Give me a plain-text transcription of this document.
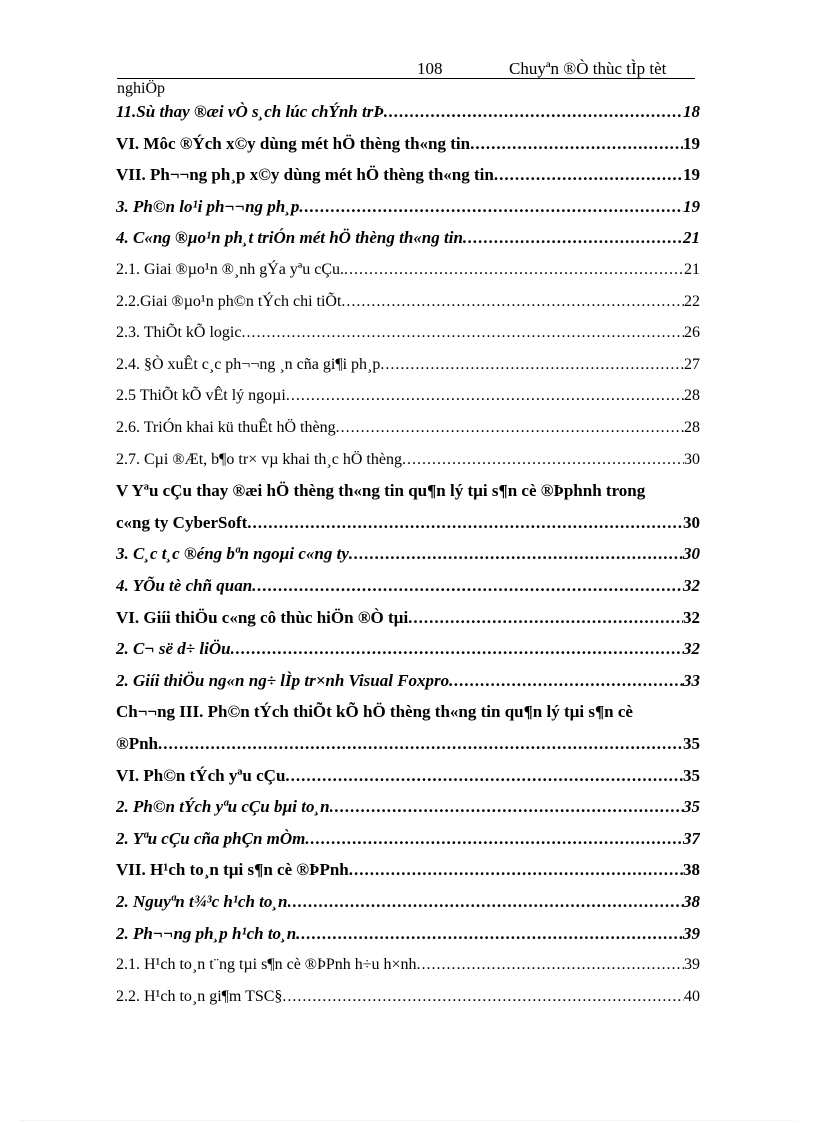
108	Chuyªn ®Ò thùc tÌp tèt
nghiÖp
11.Sù thay ®æi vÒ s¸ch lúc chÝnh trÞ .....	18
VI. Môc ®Ých x©y dùng mét hÖ thèng th«ng tin .....	19
VII. Ph¬¬ng ph¸p x©y dùng mét hÖ thèng th«ng tin .....	19
3. Ph©n lo¹i ph¬¬ng ph¸p .....	19
4. C«ng ®µo¹n ph¸t triÓn mét hÖ thèng th«ng tin .....	21
2.1. Giai ®µo¹n ®¸nh gÝa yªu cÇu. .....	21
2.2.Giai ®µo¹n ph©n tÝch chi tiÕt .....	22
2.3. ThiÕt kÕ logic .....	26
2.4. §Ò xuÊt c¸c ph¬¬ng ¸n cña gi¶i ph¸p .....	27
2.5 ThiÕt kÕ vÊt lý ngoµi .....	28
2.6. TriÓn khai kü thuÊt hÖ thèng .....	28
2.7. Cµi ®Æt, b¶o tr× vµ khai th¸c hÖ thèng .....	30
V Yªu cÇu thay ®æi hÖ thèng th«ng tin qu¶n lý tµi s¶n cè ®Þphnh trong
c«ng ty CyberSoft .....	30
3. C¸c t¸c ®éng bªn ngoµi c«ng ty .....	30
4. YÕu tè chñ quan .....	32
VI. Giíi thiÖu c«ng cô thùc hiÖn ®Ò tµi .....	32
2. C¬ së d÷ liÖu .....	32
2. Giíi thiÖu ng«n ng÷ lÌp tr×nh Visual Foxpro .....	33
Ch¬¬ng III. Ph©n tÝch thiÕt kÕ hÖ thèng th«ng tin qu¶n lý tµi s¶n cè
®Pnh .....	35
VI. Ph©n tÝch yªu cÇu .....	35
2. Ph©n tÝch yªu cÇu bµi to¸n .....	35
2. Yªu cÇu cña phÇn mÒm .....	37
VII. H¹ch to¸n tµi s¶n cè ®ÞPnh .....	38
2. Nguyªn t¾³c h¹ch to¸n .....	38
2. Ph¬¬ng ph¸p h¹ch to¸n .....	39
2.1. H¹ch to¸n t¨ng tµi s¶n cè ®ÞPnh h÷u h×nh .....	39
2.2. H¹ch to¸n gi¶m TSC§ .....	40
